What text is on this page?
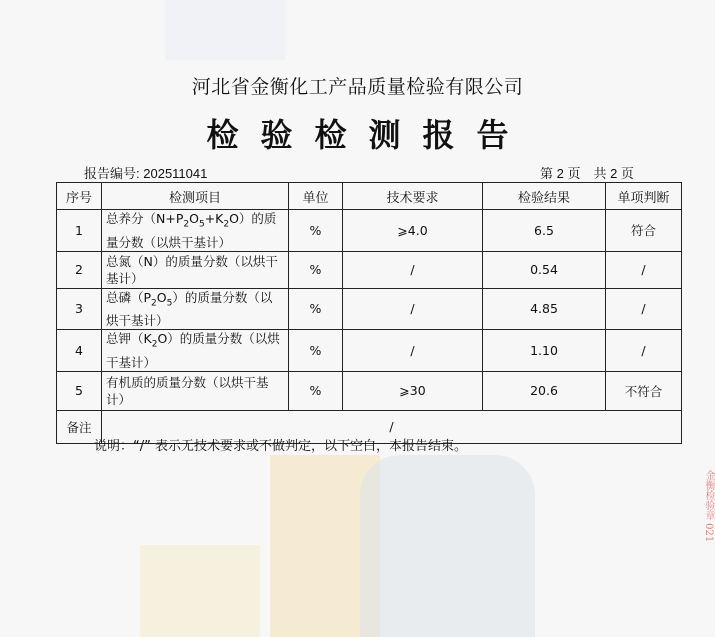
金衡检验章 021
河北省金衡化工产品质量检验有限公司
检验检测报告
报告编号: 202511041	第 2 页　共 2 页
序号	检测项目	单位	技术要求	检验结果	单项判断
1	总养分$(N+P_2O_5+K_2O)$的质量分数（以烘干基计）	%	⩾4.0	6.5	符合
2	总氮（N）的质量分数（以烘干基计）	%	/	0.54	/
3	总磷$(P_2O_5)$的质量分数（以烘干基计）	%	/	4.85	/
4	总钾$(K_2O)$的质量分数（以烘干基计）	%	/	1.10	/
5	有机质的质量分数（以烘干基计）	%	⩾30	20.6	不符合
备注	/				
说明：“/” 表示无技术要求或不做判定，以下空白，本报告结束。
